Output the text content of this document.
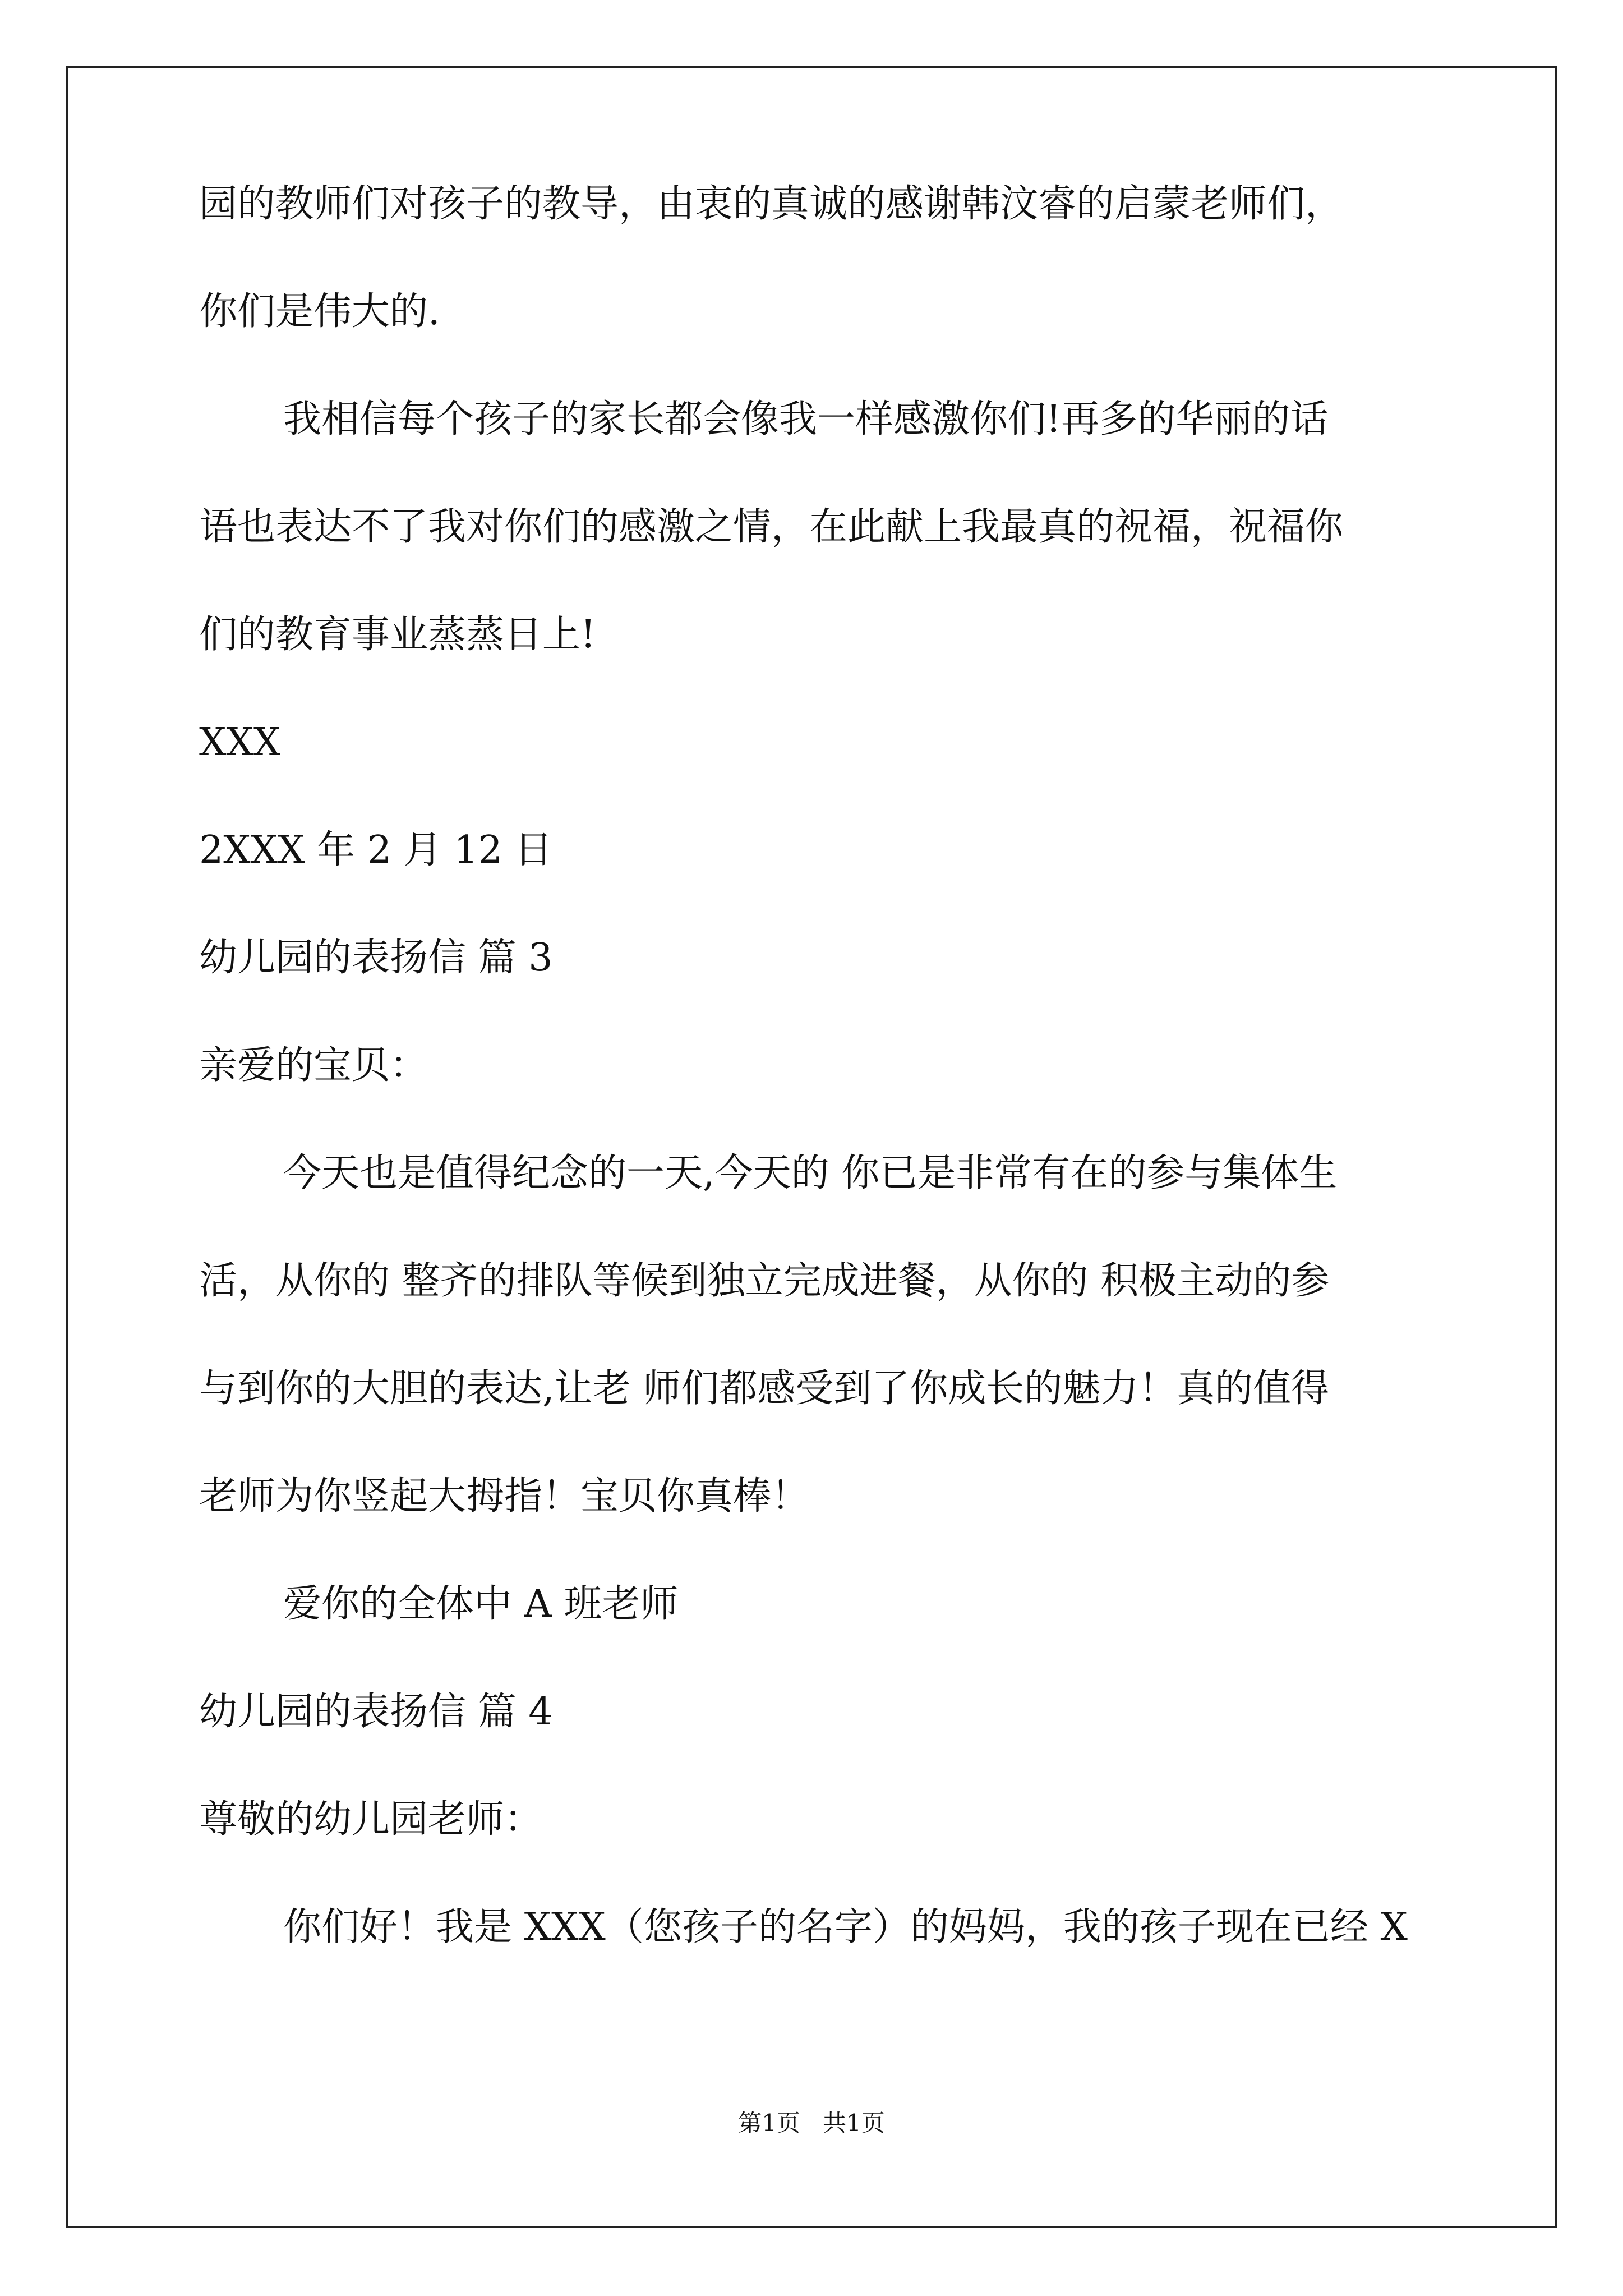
园的教师们对孩子的教导，由衷的真诚的感谢韩汶睿的启蒙老师们，
你们是伟大的.
我相信每个孩子的家长都会像我一样感激你们!再多的华丽的话
语也表达不了我对你们的感激之情，在此献上我最真的祝福，祝福你
们的教育事业蒸蒸日上!
XXX
2XXX 年 2 月 12 日
幼儿园的表扬信 篇 3
亲爱的宝贝：
今天也是值得纪念的一天,今天的 你已是非常有在的参与集体生
活，从你的 整齐的排队等候到独立完成进餐，从你的 积极主动的参
与到你的大胆的表达,让老 师们都感受到了你成长的魅力！真的值得
老师为你竖起大拇指！宝贝你真棒！
爱你的全体中 A 班老师
幼儿园的表扬信 篇 4
尊敬的幼儿园老师：
你们好！我是 XXX（您孩子的名字）的妈妈，我的孩子现在已经 X
第1页   共1页
